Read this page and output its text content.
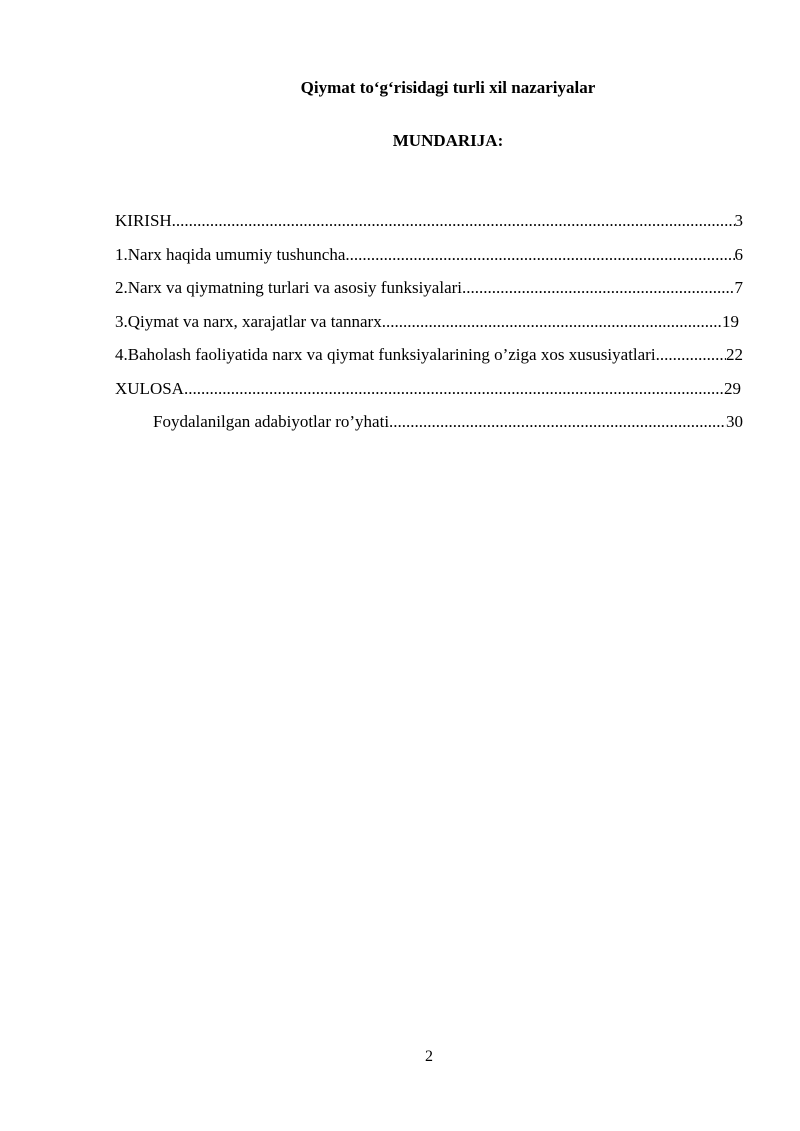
Qiymat to‘g‘risidagi turli xil nazariyalar
MUNDARIJA:
KIRISH .....	3
1.Narx haqida umumiy tushuncha .....	6
2.Narx va qiymatning turlari va asosiy funksiyalari .....	7
3.Qiymat va narx, xarajatlar va tannarx .....	19
4.Baholash faoliyatida narx va qiymat funksiyalarining o’ziga xos xususiyatlari .....	22
XULOSA .....	29
Foydalanilgan adabiyotlar ro’yhati .....	30
2
